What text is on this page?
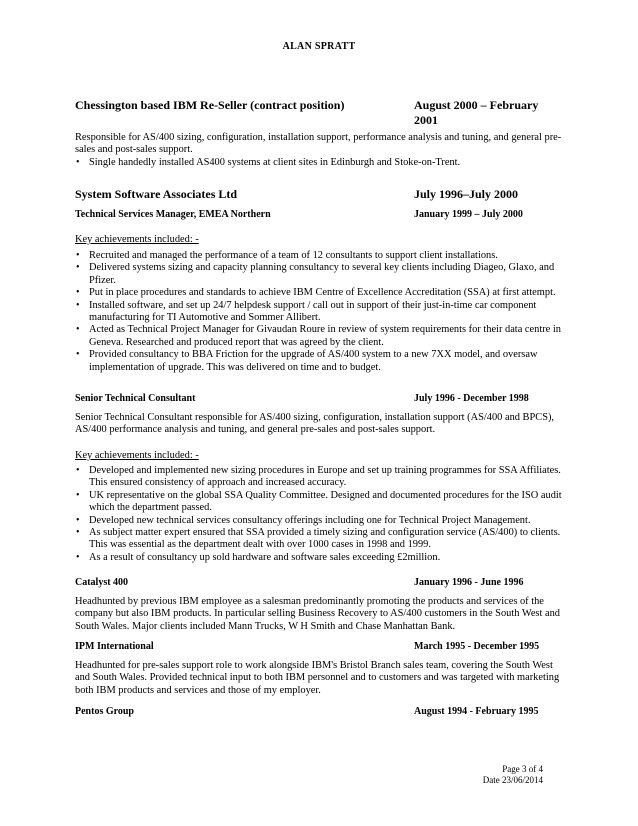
ALAN SPRATT
Chessington based IBM Re-Seller (contract position)	August 2000 – February 2001

Responsible for AS/400 sizing, configuration, installation support, performance analysis and tuning, and general pre-sales and post-sales support.

• Single handedly installed AS400 systems at client sites in Edinburgh and Stoke-on-Trent.
System Software Associates Ltd	July 1996–July 2000
Technical Services Manager, EMEA Northern	January 1999 – July 2000
Key achievements included: -
• Recruited and managed the performance of a team of 12 consultants to support client installations.
• Delivered systems sizing and capacity planning consultancy to several key clients including Diageo, Glaxo, and Pfizer.
• Put in place procedures and standards to achieve IBM Centre of Excellence Accreditation (SSA) at first attempt.
• Installed software, and set up 24/7 helpdesk support / call out in support of their just-in-time car component manufacturing for TI Automotive and Sommer Allibert.
• Acted as Technical Project Manager for Givaudan Roure in review of system requirements for their data centre in Geneva. Researched and produced report that was agreed by the client.
• Provided consultancy to BBA Friction for the upgrade of AS/400 system to a new 7XX model, and oversaw implementation of upgrade. This was delivered on time and to budget.
Senior Technical Consultant	July 1996 - December 1998

Senior Technical Consultant responsible for AS/400 sizing, configuration, installation support (AS/400 and BPCS), AS/400 performance analysis and tuning, and general pre-sales and post-sales support.

Key achievements included: -
• Developed and implemented new sizing procedures in Europe and set up training programmes for SSA Affiliates. This ensured consistency of approach and increased accuracy.
• UK representative on the global SSA Quality Committee. Designed and documented procedures for the ISO audit which the department passed.
• Developed new technical services consultancy offerings including one for Technical Project Management.
• As subject matter expert ensured that SSA provided a timely sizing and configuration service (AS/400) to clients. This was essential as the department dealt with over 1000 cases in 1998 and 1999.
• As a result of consultancy up sold hardware and software sales exceeding £2million.
Catalyst 400	January 1996 - June 1996

Headhunted by previous IBM employee as a salesman predominantly promoting the products and services of the company but also IBM products. In particular selling Business Recovery to AS/400 customers in the South West and South Wales. Major clients included Mann Trucks, W H Smith and Chase Manhattan Bank.

IPM International	March 1995 - December 1995

Headhunted for pre-sales support role to work alongside IBM's Bristol Branch sales team, covering the South West and South Wales. Provided technical input to both IBM personnel and to customers and was targeted with marketing both IBM products and services and those of my employer.

Pentos Group	August 1994 - February 1995
Page 3 of 4
Date 23/06/2014
